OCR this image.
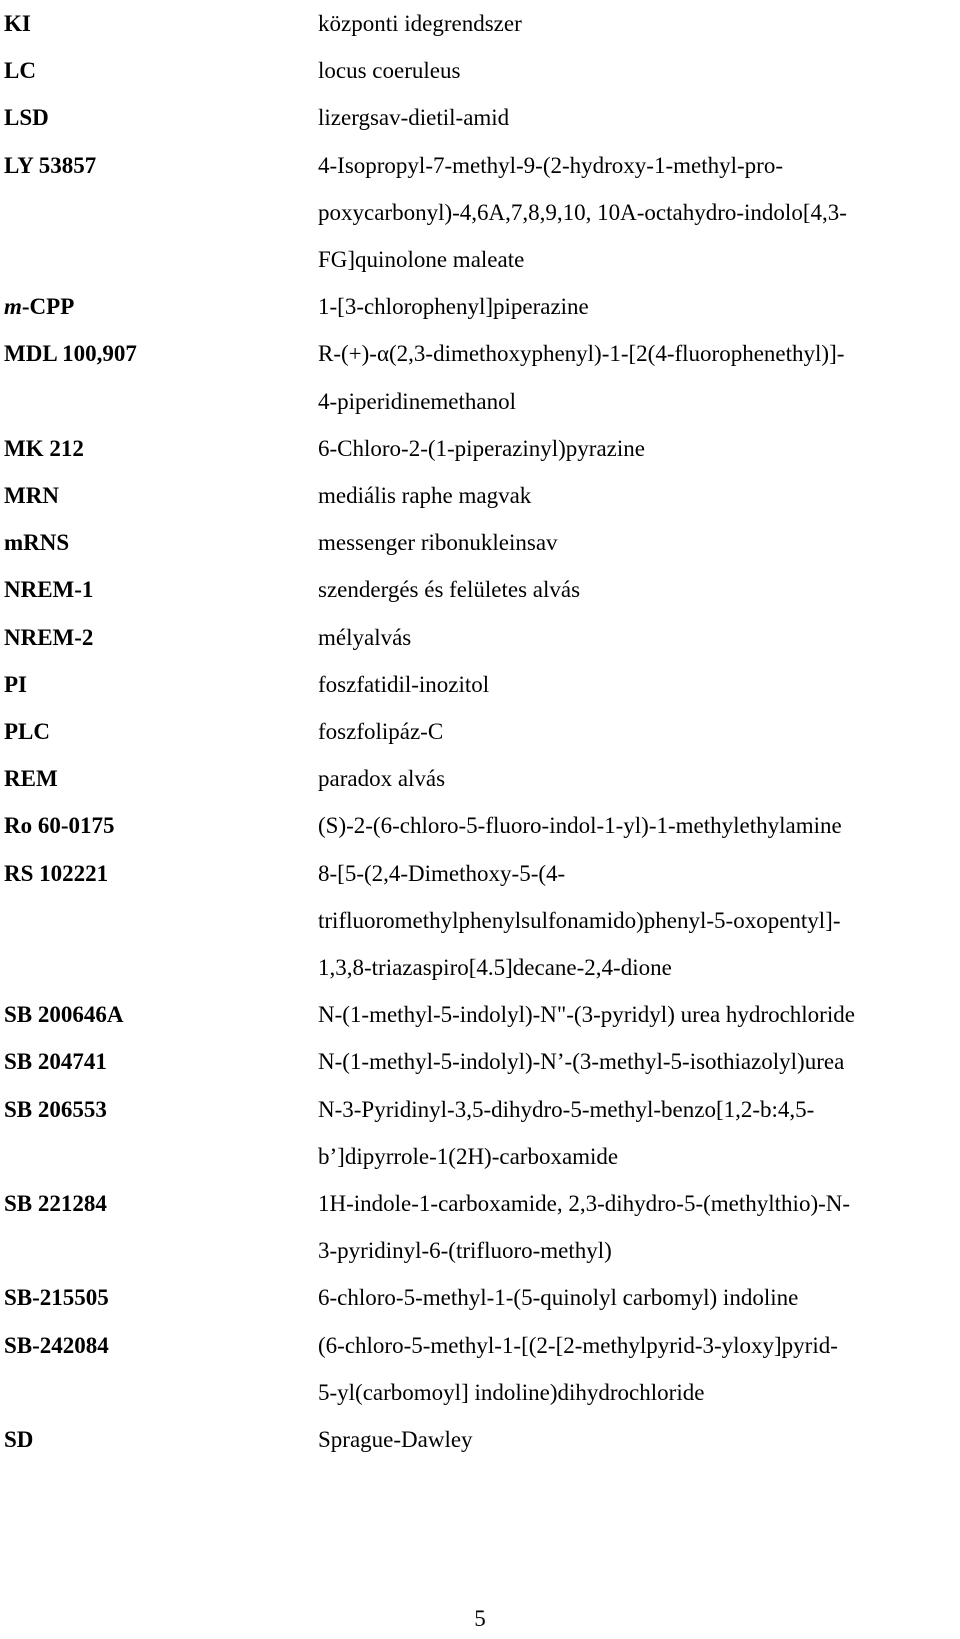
KI	központi idegrendszer
LC	locus coeruleus
LSD	lizergsav-dietil-amid
LY 53857	4-Isopropyl-7-methyl-9-(2-hydroxy-1-methyl-pro-
poxycarbonyl)-4,6A,7,8,9,10, 10A-octahydro-indolo[4,3-
FG]quinolone maleate
m-CPP	1-[3-chlorophenyl]piperazine
MDL 100,907	R-(+)-α(2,3-dimethoxyphenyl)-1-[2(4-fluorophenethyl)]-
4-piperidinemethanol
MK 212	6-Chloro-2-(1-piperazinyl)pyrazine
MRN	mediális raphe magvak
mRNS	messenger ribonukleinsav
NREM-1	szendergés és felületes alvás
NREM-2	mélyalvás
PI	foszfatidil-inozitol
PLC	foszfolipáz-C
REM	paradox alvás
Ro 60-0175	(S)-2-(6-chloro-5-fluoro-indol-1-yl)-1-methylethylamine
RS 102221	8-[5-(2,4-Dimethoxy-5-(4-
trifluoromethylphenylsulfonamido)phenyl-5-oxopentyl]-
1,3,8-triazaspiro[4.5]decane-2,4-dione
SB 200646A	N-(1-methyl-5-indolyl)-N"-(3-pyridyl) urea hydrochloride
SB 204741	N-(1-methyl-5-indolyl)-N’-(3-methyl-5-isothiazolyl)urea
SB 206553	N-3-Pyridinyl-3,5-dihydro-5-methyl-benzo[1,2-b:4,5-
b’]dipyrrole-1(2H)-carboxamide
SB 221284	1H-indole-1-carboxamide, 2,3-dihydro-5-(methylthio)-N-
3-pyridinyl-6-(trifluoro-methyl)
SB-215505	6-chloro-5-methyl-1-(5-quinolyl carbomyl) indoline
SB-242084	(6-chloro-5-methyl-1-[(2-[2-methylpyrid-3-yloxy]pyrid-
5-yl(carbomoyl] indoline)dihydrochloride
SD	Sprague-Dawley
5
